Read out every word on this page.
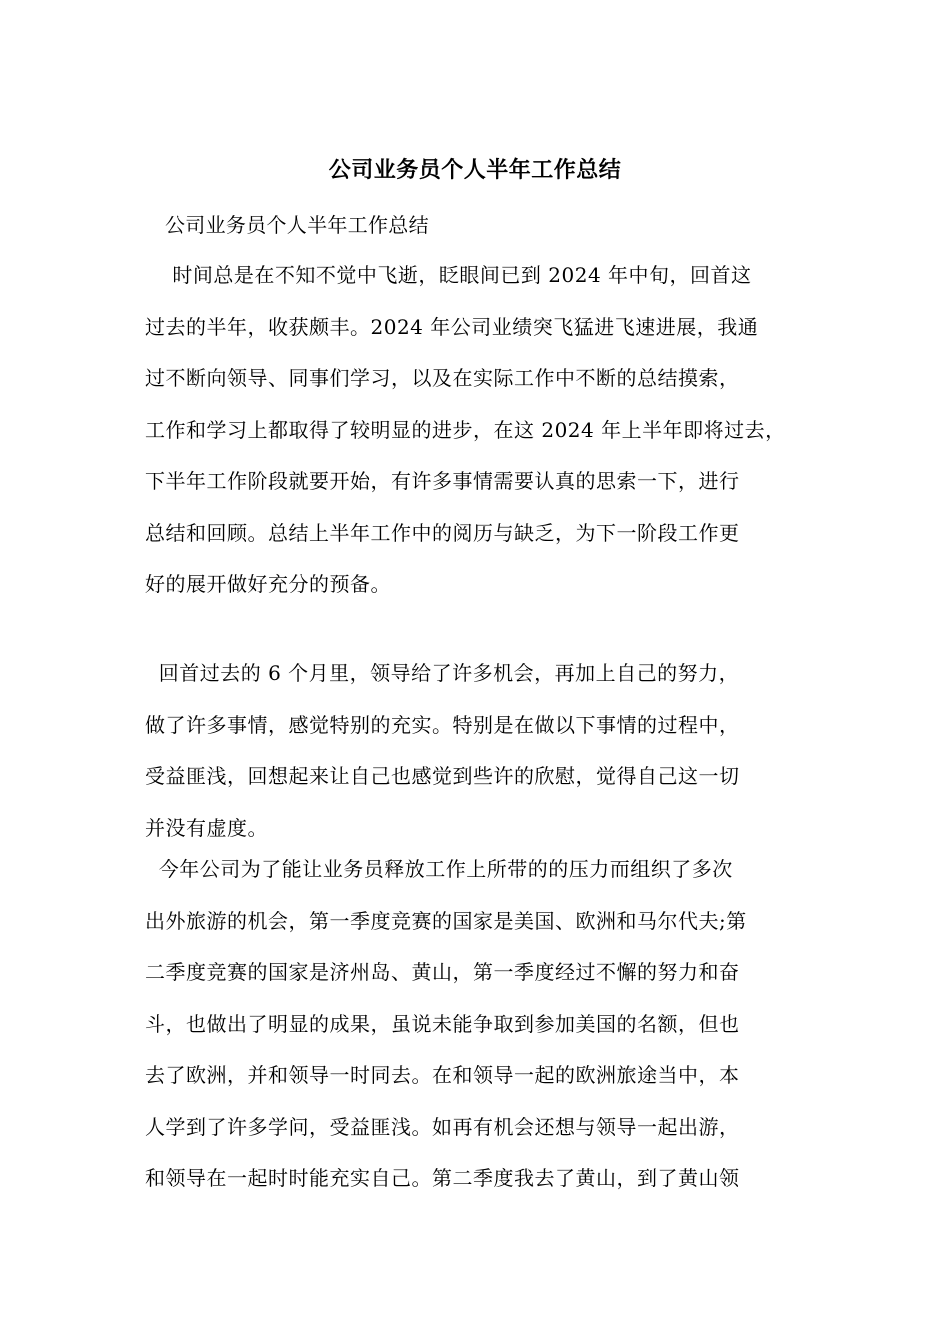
公司业务员个人半年工作总结
公司业务员个人半年工作总结
时间总是在不知不觉中飞逝，眨眼间已到 2024 年中旬，回首这
过去的半年，收获颇丰。2024 年公司业绩突飞猛进飞速进展，我通
过不断向领导、同事们学习，以及在实际工作中不断的总结摸索，
工作和学习上都取得了较明显的进步，在这 2024 年上半年即将过去，
下半年工作阶段就要开始，有许多事情需要认真的思索一下，进行
总结和回顾。总结上半年工作中的阅历与缺乏，为下一阶段工作更
好的展开做好充分的预备。
回首过去的 6 个月里，领导给了许多机会，再加上自己的努力，
做了许多事情，感觉特别的充实。特别是在做以下事情的过程中，
受益匪浅，回想起来让自己也感觉到些许的欣慰，觉得自己这一切
并没有虚度。
今年公司为了能让业务员释放工作上所带的的压力而组织了多次
出外旅游的机会，第一季度竞赛的国家是美国、欧洲和马尔代夫;第
二季度竞赛的国家是济州岛、黄山，第一季度经过不懈的努力和奋
斗，也做出了明显的成果，虽说未能争取到参加美国的名额，但也
去了欧洲，并和领导一时同去。在和领导一起的欧洲旅途当中，本
人学到了许多学问，受益匪浅。如再有机会还想与领导一起出游，
和领导在一起时时能充实自己。第二季度我去了黄山，到了黄山领
